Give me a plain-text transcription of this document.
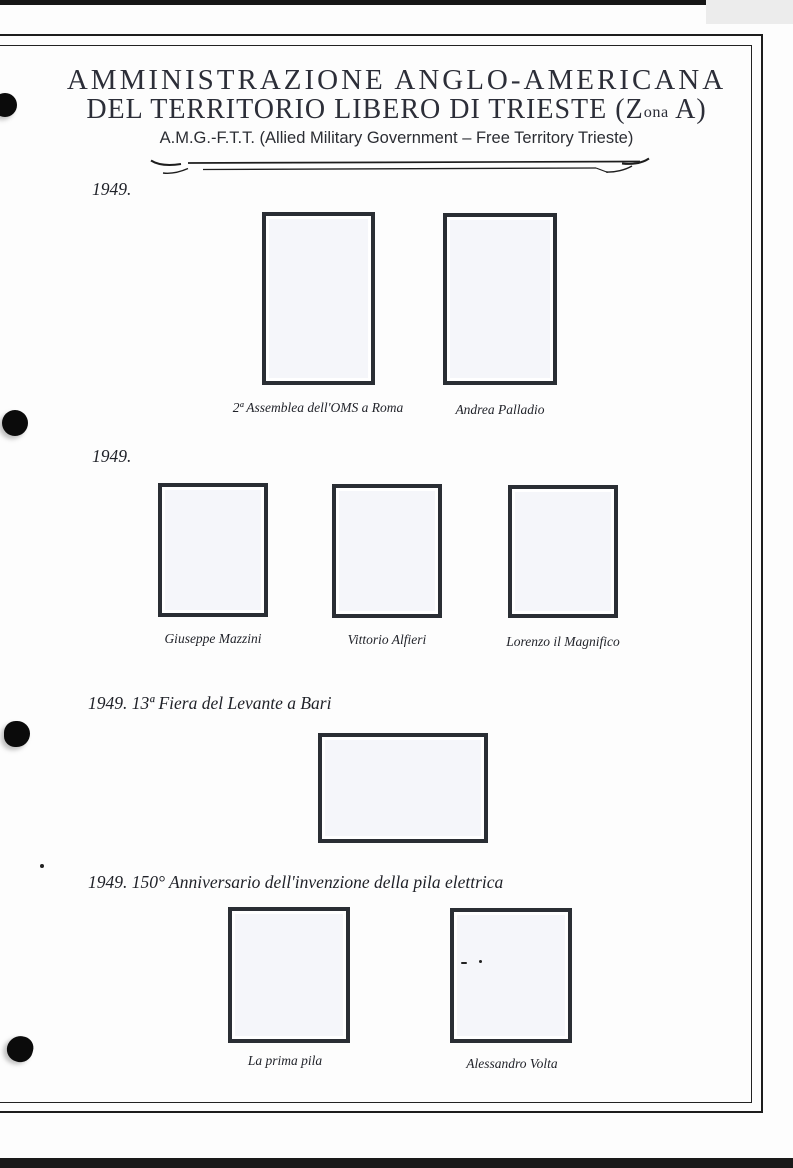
AMMINISTRAZIONE ANGLO-AMERICANA
DEL TERRITORIO LIBERO DI TRIESTE (Zona A)
A.M.G.-F.T.T. (Allied Military Government – Free Territory Trieste)
1949.
2ª Assemblea dell'OMS a Roma	Andrea Palladio
1949.
Giuseppe Mazzini	Vittorio Alfieri	Lorenzo il Magnifico
1949. 13ª Fiera del Levante a Bari
1949. 150° Anniversario dell'invenzione della pila elettrica
La prima pila	Alessandro Volta
